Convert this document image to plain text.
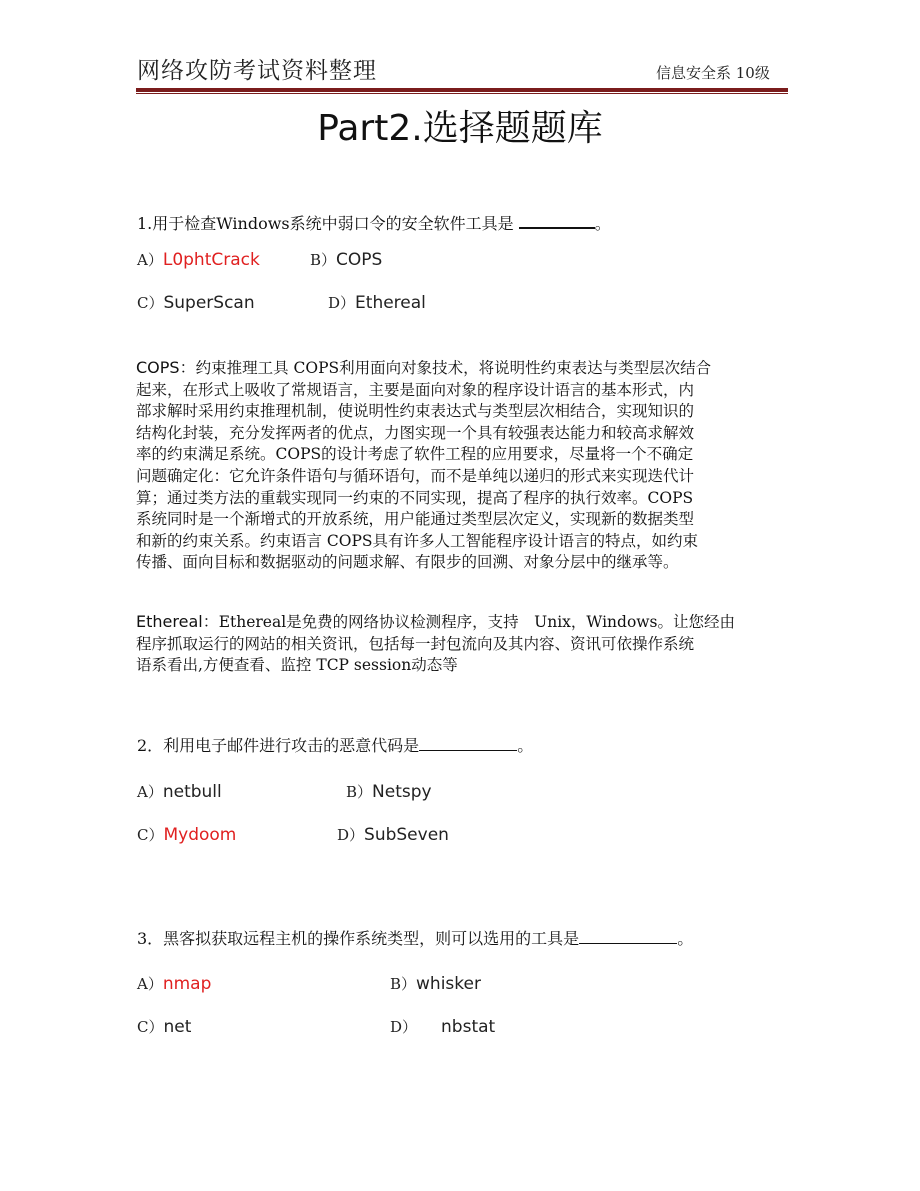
网络攻防考试资料整理	信息安全系 10级
Part2.选择题题库
1.用于检查Windows系统中弱口令的安全软件工具是	。
A）L0phtCrack	B）COPS
C）SuperScan	D）Ethereal
COPS：约束推理工具 COPS利用面向对象技术，将说明性约束表达与类型层次结合
起来，在形式上吸收了常规语言，主要是面向对象的程序设计语言的基本形式，内
部求解时采用约束推理机制，使说明性约束表达式与类型层次相结合，实现知识的
结构化封装，充分发挥两者的优点，力图实现一个具有较强表达能力和较高求解效
率的约束满足系统。COPS的设计考虑了软件工程的应用要求，尽量将一个不确定
问题确定化：它允许条件语句与循环语句，而不是单纯以递归的形式来实现迭代计
算；通过类方法的重载实现同一约束的不同实现，提高了程序的执行效率。COPS
系统同时是一个渐增式的开放系统，用户能通过类型层次定义，实现新的数据类型
和新的约束关系。约束语言 COPS具有许多人工智能程序设计语言的特点，如约束
传播、面向目标和数据驱动的问题求解、有限步的回溯、对象分层中的继承等。
Ethereal：Ethereal是免费的网络协议检测程序，支持　Unix，Windows。让您经由
程序抓取运行的网站的相关资讯，包括每一封包流向及其内容、资讯可依操作系统
语系看出,方便查看、监控 TCP session动态等
2．利用电子邮件进行攻击的恶意代码是	。
A）netbull	B）Netspy
C）Mydoom	D）SubSeven
3．黑客拟获取远程主机的操作系统类型，则可以选用的工具是	。
A）nmap	B）whisker
C）net	D） nbstat
